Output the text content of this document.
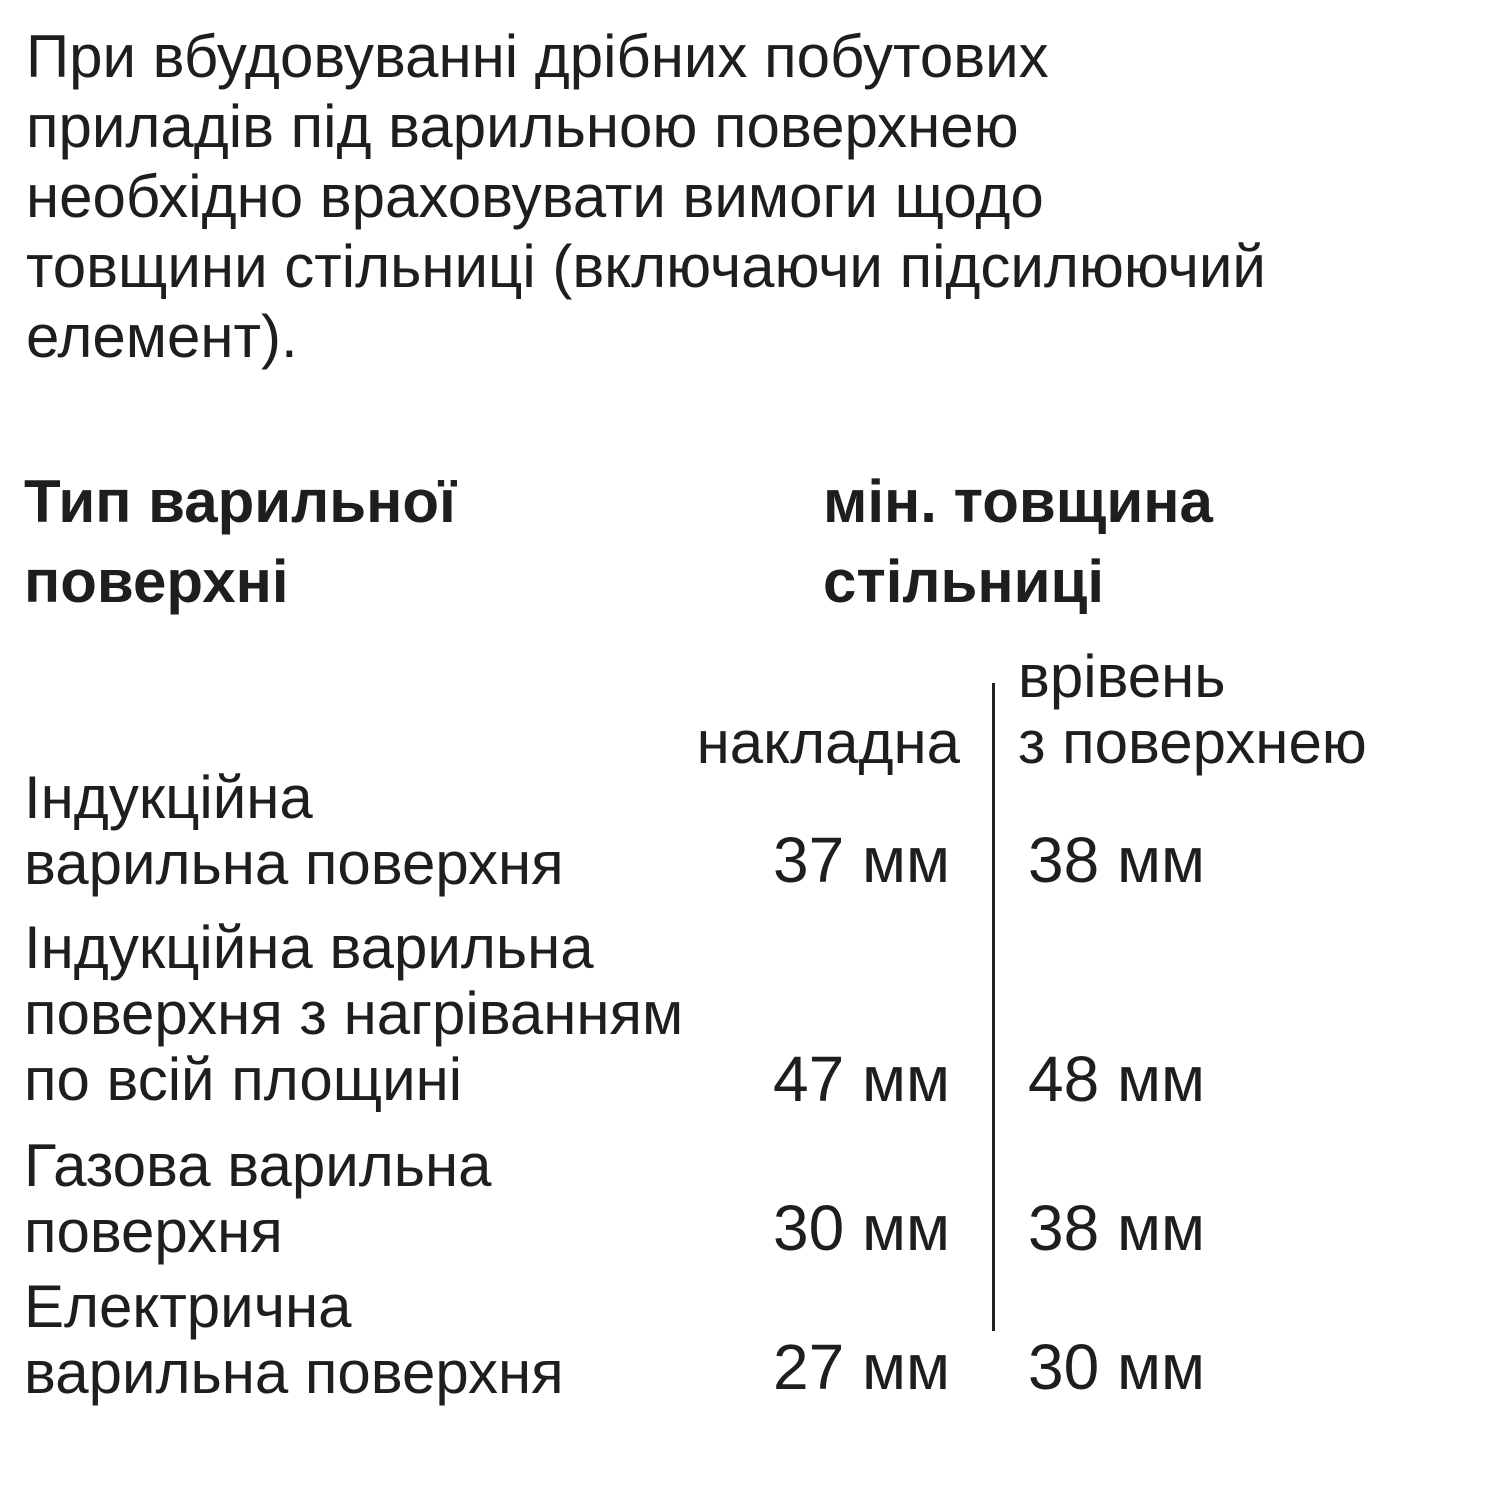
При вбудовуванні дрібних побутових
приладів під варильною поверхнею
необхідно враховувати вимоги щодо
товщини стільниці (включаючи підсилюючий
елемент).

Тип варильної
поверхні
мін. товщина
стільниці
накладна
врівень
з поверхнею
Індукційна
варильна поверхня	37 мм 38 мм
Індукційна варильна
поверхня з нагріванням
по всій площині	47 мм 48 мм
Газова варильна
поверхня	30 мм 38 мм
Електрична
варильна поверхня	27 мм 30 мм
